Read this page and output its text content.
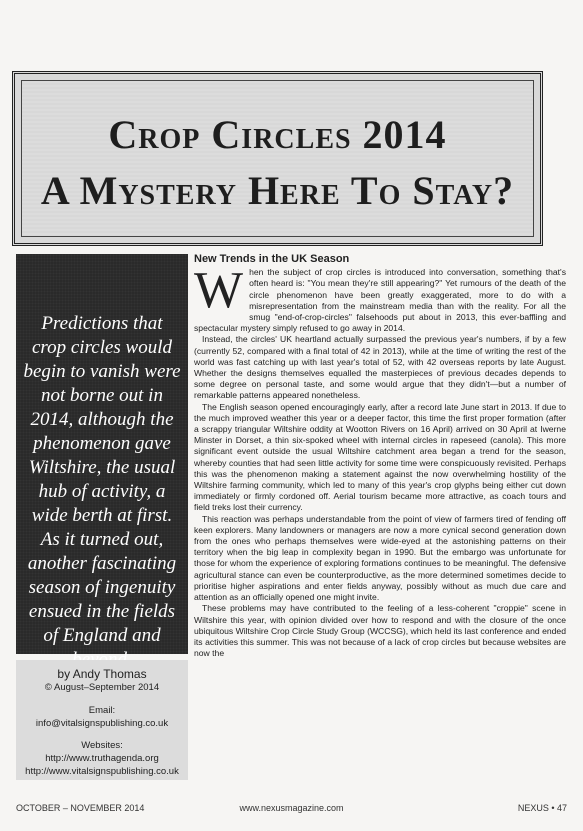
Crop Circles 2014
A Mystery Here To Stay?
Predictions that crop circles would begin to vanish were not borne out in 2014, although the phenomenon gave Wiltshire, the usual hub of activity, a wide berth at first. As it turned out, another fascinating season of ingenuity ensued in the fields of England and
by Andy Thomas
© August–September 2014
Email:
info@vitalsignspublishing.co.uk
Websites:
http://www.truthagenda.org
http://www.vitalsignspublishing.co.uk
New Trends in the UK Season

When the subject of crop circles is introduced into conversation, something that's often heard is: "You mean they're still appearing?" Yet rumours of the death of the circle phenomenon have been greatly exaggerated, more to do with a misrepresentation from the mainstream media than with the reality. For all the smug "end-of-crop-circles" falsehoods put about in 2013, this ever-baffling and spectacular mystery simply refused to go away in 2014.

Instead, the circles' UK heartland actually surpassed the previous year's numbers, if by a few (currently 52, compared with a final total of 42 in 2013), while at the time of writing the rest of the world was fast catching up with last year's total of 52, with 42 overseas reports by late August. Whether the designs themselves equalled the masterpieces of previous decades depends to some degree on personal taste, and some would argue that they didn't—but a number of remarkable patterns appeared nonetheless.

The English season opened encouragingly early, after a record late June start in 2013. If due to the much improved weather this year or a deeper factor, this time the first proper formation (after a scrappy triangular Wiltshire oddity at Wootton Rivers on 16 April) arrived on 30 April at Iwerne Minster in Dorset, a thin six-spoked wheel with internal circles in rapeseed (canola). This more significant event outside the usual Wiltshire catchment area began a trend for the season, whereby counties that had seen little activity for some time were conspicuously revisited. Perhaps this was the phenomenon making a statement against the now overwhelming hostility of the Wiltshire farming community, which led to many of this year's crop glyphs being either cut down immediately or firmly cordoned off. Aerial tourism became more attractive, as coach tours and field treks lost their currency.

This reaction was perhaps understandable from the point of view of farmers tired of fending off keen explorers. Many landowners or managers are now a more cynical second generation down from the ones who perhaps themselves were wide-eyed at the astonishing patterns on their territory when the big leap in complexity began in 1990. But the embargo was unfortunate for those for whom the experience of exploring formations continues to be meaningful. The defensive agricultural stance can even be counterproductive, as the more determined sometimes decide to prioritise higher aspirations and enter fields anyway, possibly without as much due care and attention as an officially opened one might invite.

These problems may have contributed to the feeling of a less-coherent "croppie" scene in Wiltshire this year, with opinion divided over how to respond and with the closure of the once ubiquitous Wiltshire Crop Circle Study Group (WCCSG), which held its last conference and ended its activities this summer. This was not because of a lack of crop circles but because websites are now the

OCTOBER – NOVEMBER 2014	www.nexusmagazine.com	NEXUS • 47
